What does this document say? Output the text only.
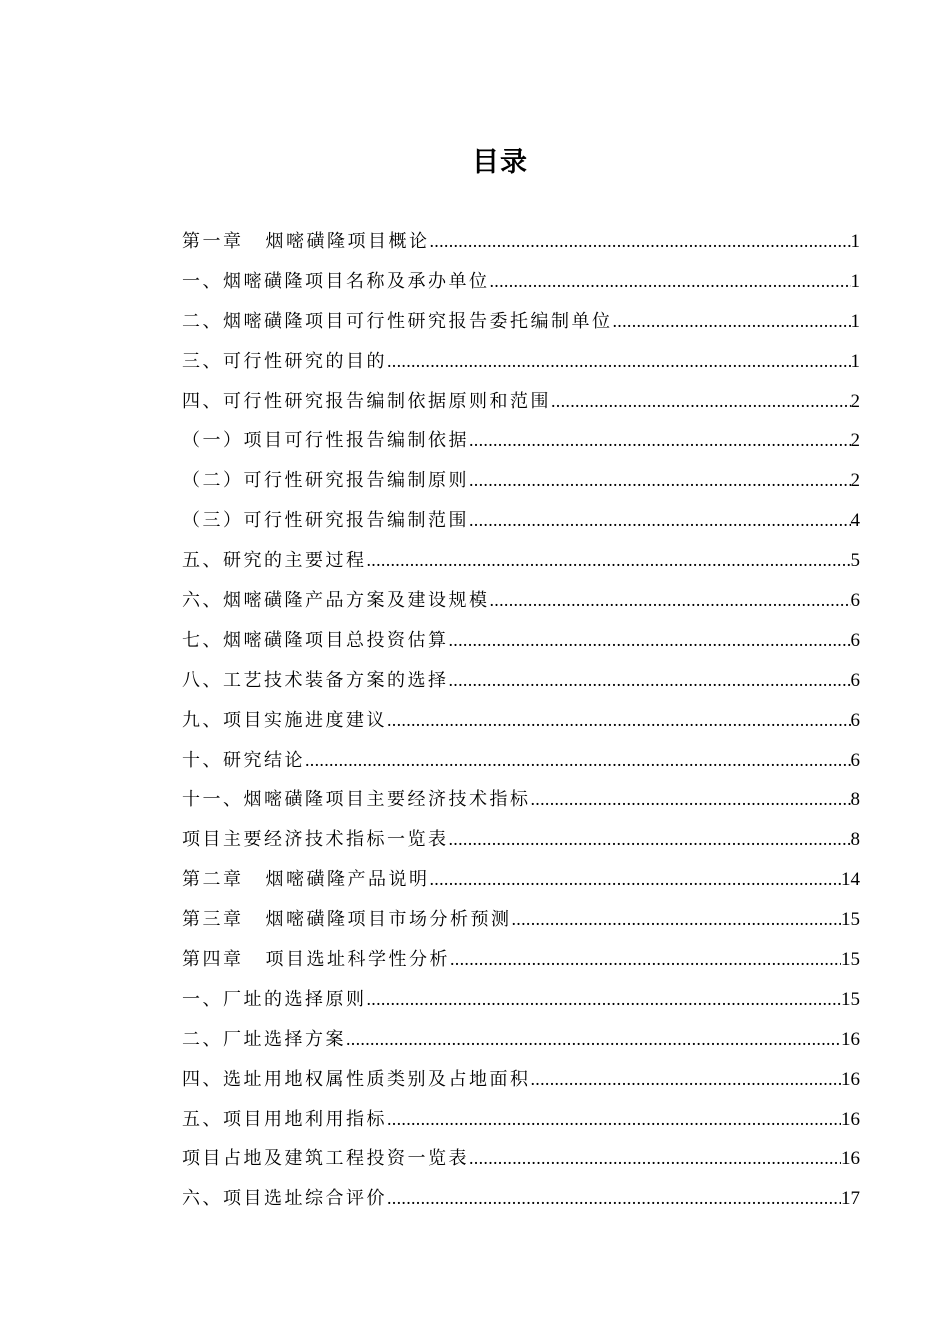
目录
第一章 烟嘧磺隆项目概论 .....	1
一、烟嘧磺隆项目名称及承办单位 .....	1
二、烟嘧磺隆项目可行性研究报告委托编制单位 .....	1
三、可行性研究的目的 .....	1
四、可行性研究报告编制依据原则和范围 .....	2
（一）项目可行性报告编制依据 .....	2
（二）可行性研究报告编制原则 .....	2
（三）可行性研究报告编制范围 .....	4
五、研究的主要过程 .....	5
六、烟嘧磺隆产品方案及建设规模 .....	6
七、烟嘧磺隆项目总投资估算 .....	6
八、工艺技术装备方案的选择 .....	6
九、项目实施进度建议 .....	6
十、研究结论 .....	6
十一、烟嘧磺隆项目主要经济技术指标 .....	8
项目主要经济技术指标一览表 .....	8
第二章 烟嘧磺隆产品说明 .....	14
第三章 烟嘧磺隆项目市场分析预测 .....	15
第四章 项目选址科学性分析 .....	15
一、厂址的选择原则 .....	15
二、厂址选择方案 .....	16
四、选址用地权属性质类别及占地面积 .....	16
五、项目用地利用指标 .....	16
项目占地及建筑工程投资一览表 .....	16
六、项目选址综合评价 .....	17
